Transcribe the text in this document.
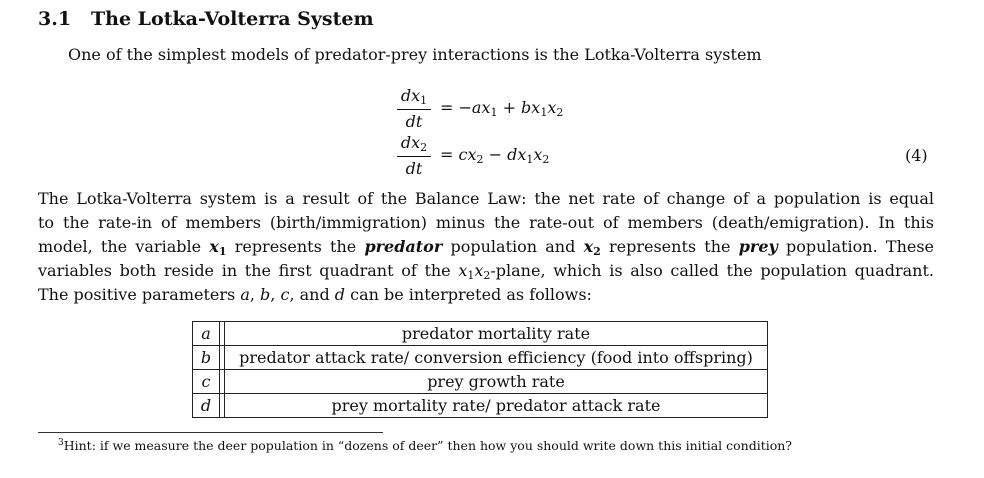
3.1 The Lotka-Volterra System
One of the simplest models of predator-prey interactions is the Lotka-Volterra system
$dx_1$
dt
= $-ax_1 + bx_1x_2$
$dx_2$
dt
= $cx_2 - dx_1x_2$	(4)
The Lotka-Volterra system is a result of the Balance Law: the net rate of change of a population is equal
to the rate-in of members (birth/immigration) minus the rate-out of members (death/emigration). In this
model, the variable $x_1$ represents the predator population and $x_2$ represents the prey population. These
variables both reside in the first quadrant of the $x_1x_2$-plane, which is also called the population quadrant.
The positive parameters a, b, c, and d can be interpreted as follows:
a		predator mortality rate
b		predator attack rate/ conversion efficiency (food into offspring)
c		prey growth rate
d		prey mortality rate/ predator attack rate
$^3$Hint: if we measure the deer population in “dozens of deer” then how you should write down this initial condition?
